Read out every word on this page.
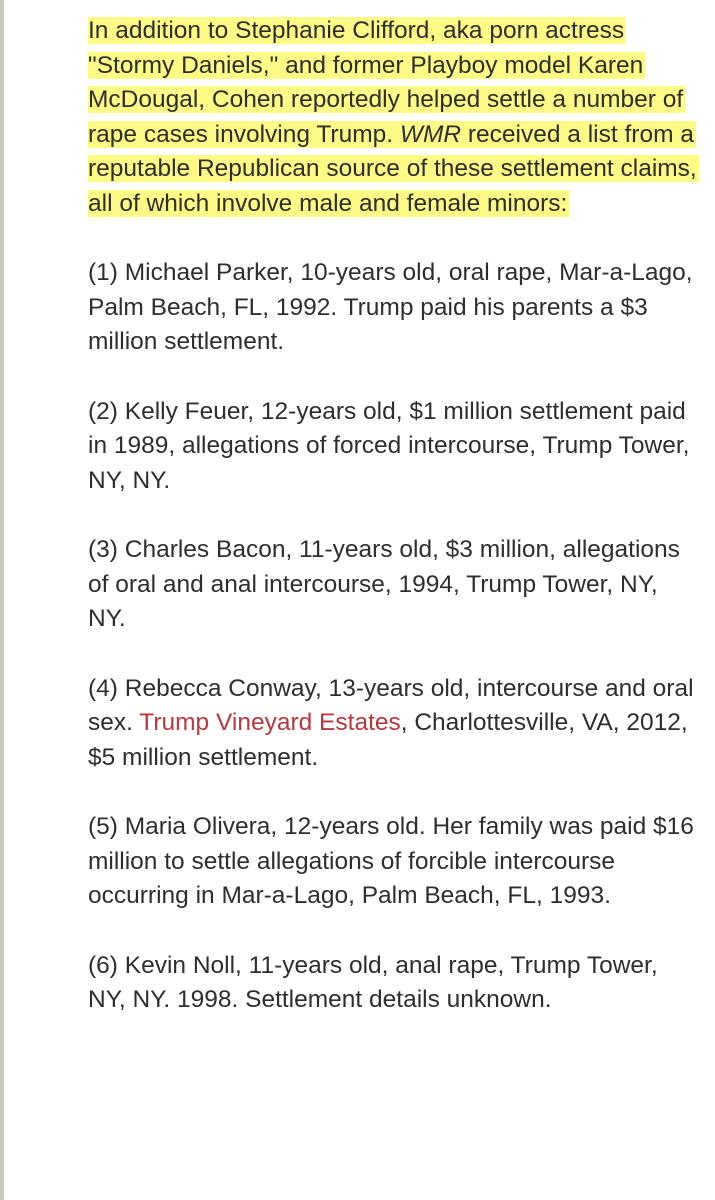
In addition to Stephanie Clifford, aka porn actress "Stormy Daniels," and former Playboy model Karen McDougal, Cohen reportedly helped settle a number of rape cases involving Trump. WMR received a list from a reputable Republican source of these settlement claims, all of which involve male and female minors:

(1) Michael Parker, 10-years old, oral rape, Mar-a-Lago, Palm Beach, FL, 1992. Trump paid his parents a $3 million settlement.

(2) Kelly Feuer, 12-years old, $1 million settlement paid in 1989, allegations of forced intercourse, Trump Tower, NY, NY.

(3) Charles Bacon, 11-years old, $3 million, allegations of oral and anal intercourse, 1994, Trump Tower, NY, NY.

(4) Rebecca Conway, 13-years old, intercourse and oral sex. Trump Vineyard Estates, Charlottesville, VA, 2012, $5 million settlement.

(5) Maria Olivera, 12-years old. Her family was paid $16 million to settle allegations of forcible intercourse occurring in Mar-a-Lago, Palm Beach, FL, 1993.

(6) Kevin Noll, 11-years old, anal rape, Trump Tower, NY, NY. 1998. Settlement details unknown.
